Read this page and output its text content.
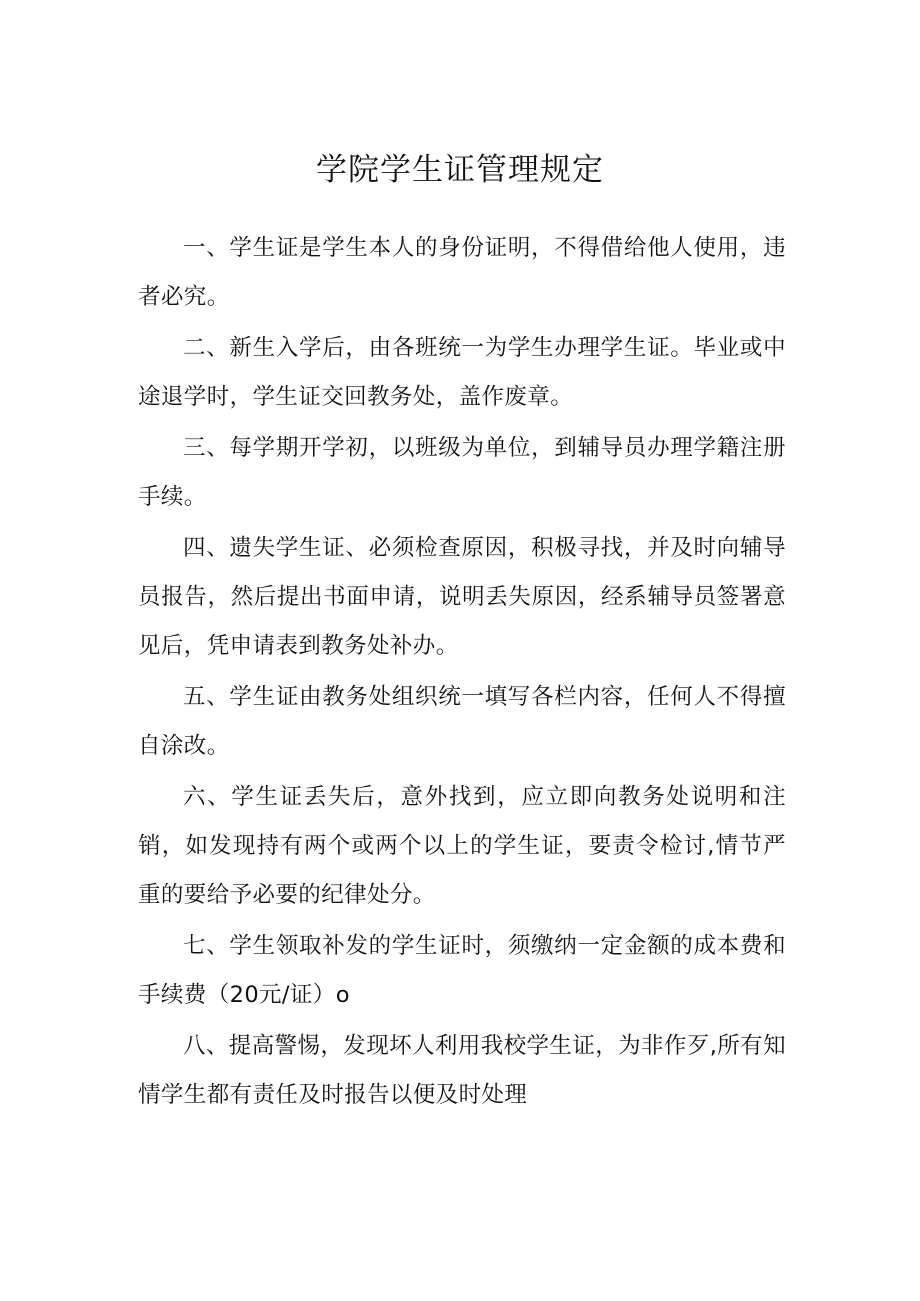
学院学生证管理规定

一、学生证是学生本人的身份证明，不得借给他人使用，违者必究。

二、新生入学后，由各班统一为学生办理学生证。毕业或中途退学时，学生证交回教务处，盖作废章。

三、每学期开学初，以班级为单位，到辅导员办理学籍注册手续。

四、遗失学生证、必须检查原因，积极寻找，并及时向辅导员报告，然后提出书面申请，说明丢失原因，经系辅导员签署意见后，凭申请表到教务处补办。

五、学生证由教务处组织统一填写各栏内容，任何人不得擅自涂改。

六、学生证丢失后，意外找到，应立即向教务处说明和注销，如发现持有两个或两个以上的学生证，要责令检讨,情节严重的要给予必要的纪律处分。

七、学生领取补发的学生证时，须缴纳一定金额的成本费和手续费（20元/证）o

八、提高警惕，发现坏人利用我校学生证，为非作歹,所有知情学生都有责任及时报告以便及时处理
